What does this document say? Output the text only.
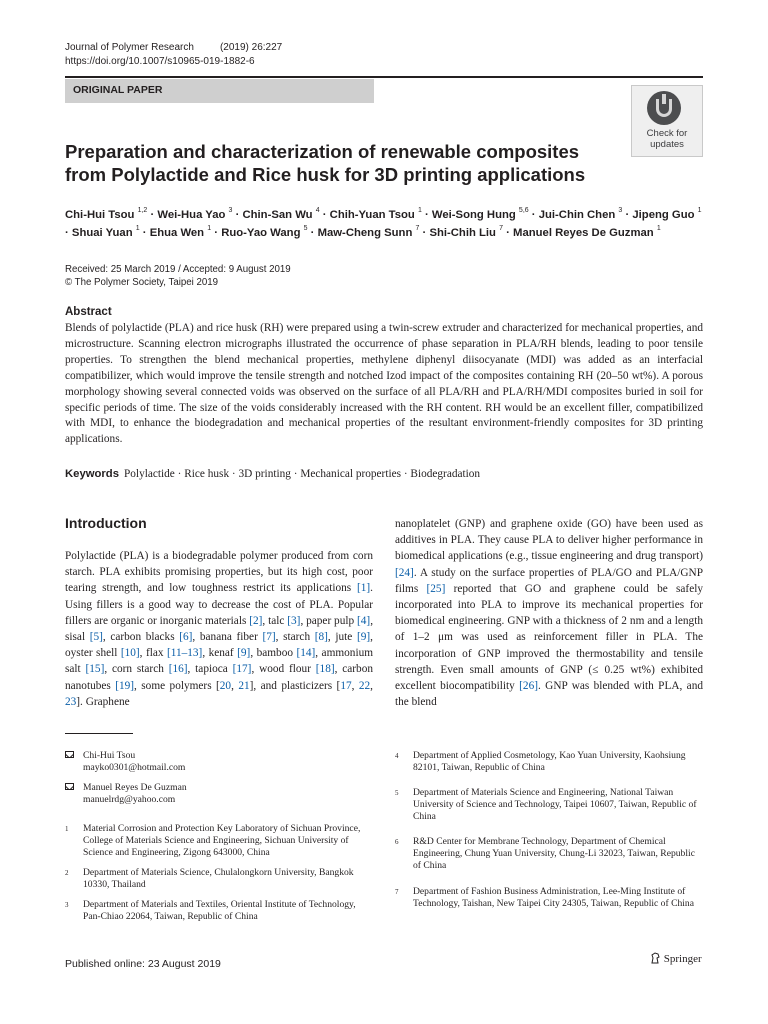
Journal of Polymer Research	(2019) 26:227
https://doi.org/10.1007/s10965-019-1882-6
ORIGINAL PAPER
Check for
updates
Preparation and characterization of renewable composites from Polylactide and Rice husk for 3D printing applications
Chi-Hui Tsou $^{1,2}$ · Wei-Hua Yao $^3$ · Chin-San Wu $^4$ · Chih-Yuan Tsou $^1$ · Wei-Song Hung $^{5,6}$ · Jui-Chin Chen $^3$ · Jipeng Guo $^1$ · Shuai Yuan $^1$ · Ehua Wen $^1$ · Ruo-Yao Wang $^5$ · Maw-Cheng Sunn $^7$ · Shi-Chih Liu $^7$ · Manuel Reyes De Guzman $^1$
Received: 25 March 2019 / Accepted: 9 August 2019
© The Polymer Society, Taipei 2019
Abstract
Blends of polylactide (PLA) and rice husk (RH) were prepared using a twin-screw extruder and characterized for mechanical properties, and microstructure. Scanning electron micrographs illustrated the occurrence of phase separation in PLA/RH blends, leading to poor tensile properties. To strengthen the blend mechanical properties, methylene diphenyl diisocyanate (MDI) was added as an interfacial compatibilizer, which would improve the tensile strength and notched Izod impact of the composites containing RH (20–50 wt%). A porous morphology showing several connected voids was observed on the surface of all PLA/RH and PLA/RH/MDI composites buried in soil for specific periods of time. The size of the voids considerably increased with the RH content. RH would be an excellent filler, compatibilized with MDI, to enhance the biodegradation and mechanical properties of the resultant environment-friendly composites for 3D printing applications.
Keywords Polylactide · Rice husk · 3D printing · Mechanical properties · Biodegradation
Introduction
Polylactide (PLA) is a biodegradable polymer produced from corn starch. PLA exhibits promising properties, but its high cost, poor tearing strength, and low toughness restrict its applications [1]. Using fillers is a good way to decrease the cost of PLA. Popular fillers are organic or inorganic materials [2], talc [3], paper pulp [4], sisal [5], carbon blacks [6], banana fiber [7], starch [8], jute [9], oyster shell [10], flax [11–13], kenaf [9], bamboo [14], ammonium salt [15], corn starch [16], tapioca [17], wood flour [18], carbon nanotubes [19], some polymers [20, 21], and plasticizers [17, 22, 23]. Graphene
nanoplatelet (GNP) and graphene oxide (GO) have been used as additives in PLA. They cause PLA to deliver higher performance in biomedical applications (e.g., tissue engineering and drug transport) [24]. A study on the surface properties of PLA/GO and PLA/GNP films [25] reported that GO and graphene could be safely incorporated into PLA to improve its mechanical properties for biomedical engineering. GNP with a thickness of 2 nm and a length of 1–2 μm was used as reinforcement filler in PLA. The incorporation of GNP improved the thermostability and tensile strength. Even small amounts of GNP (≤ 0.25 wt%) exhibited excellent biocompatibility [26]. GNP was blended with PLA, and the blend
Chi-Hui Tsou
mayko0301@hotmail.com
Manuel Reyes De Guzman
manuelrdg@yahoo.com
1 Material Corrosion and Protection Key Laboratory of Sichuan Province, College of Materials Science and Engineering, Sichuan University of Science and Engineering, Zigong 643000, China
2 Department of Materials Science, Chulalongkorn University, Bangkok 10330, Thailand
3 Department of Materials and Textiles, Oriental Institute of Technology, Pan-Chiao 22064, Taiwan, Republic of China
4 Department of Applied Cosmetology, Kao Yuan University, Kaohsiung 82101, Taiwan, Republic of China
5 Department of Materials Science and Engineering, National Taiwan University of Science and Technology, Taipei 10607, Taiwan, Republic of China
6 R&D Center for Membrane Technology, Department of Chemical Engineering, Chung Yuan University, Chung-Li 32023, Taiwan, Republic of China
7 Department of Fashion Business Administration, Lee-Ming Institute of Technology, Taishan, New Taipei City 24305, Taiwan, Republic of China
Published online: 23 August 2019	Springer
